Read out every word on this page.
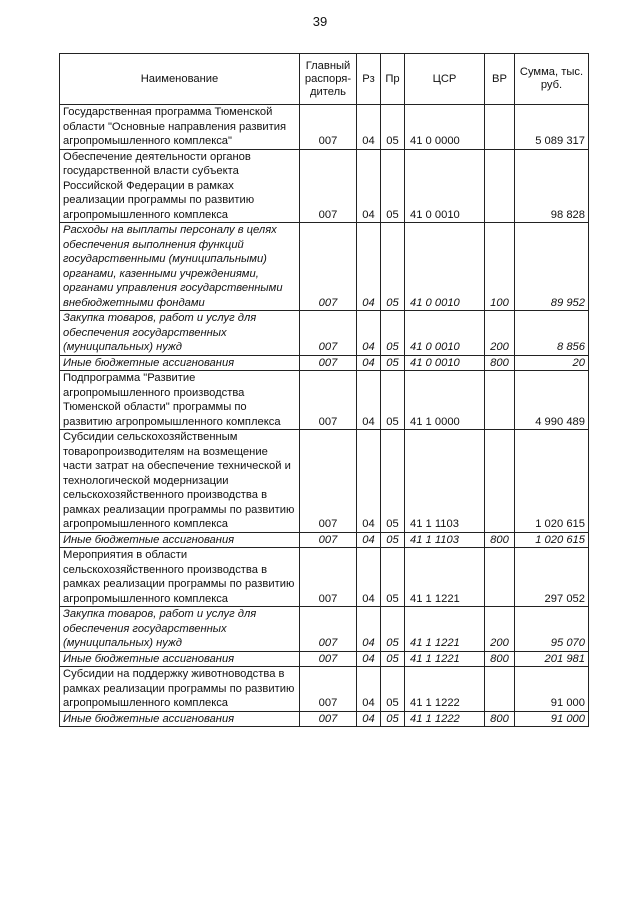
39
Наименование	Главный распоря-дитель	Рз	Пр	ЦСР	ВР	Сумма, тыс. руб.
Государственная программа Тюменской области "Основные направления развития агропромышленного комплекса"	007	04	05	41 0 0000		5 089 317
Обеспечение деятельности органов государственной власти субъекта Российской Федерации в рамках реализации программы по развитию агропромышленного комплекса	007	04	05	41 0 0010		98 828
Расходы на выплаты персоналу в целях обеспечения выполнения функций государственными (муниципальными) органами, казенными учреждениями, органами управления государственными внебюджетными фондами	007	04	05	41 0 0010	100	89 952
Закупка товаров, работ и услуг для обеспечения государственных (муниципальных) нужд	007	04	05	41 0 0010	200	8 856
Иные бюджетные ассигнования	007	04	05	41 0 0010	800	20
Подпрограмма "Развитие агропромышленного производства Тюменской области" программы по развитию агропромышленного комплекса	007	04	05	41 1 0000		4 990 489
Субсидии сельскохозяйственным товаропроизводителям на возмещение части затрат на обеспечение технической и технологической модернизации сельскохозяйственного производства в рамках реализации программы по развитию агропромышленного комплекса	007	04	05	41 1 1103		1 020 615
Иные бюджетные ассигнования	007	04	05	41 1 1103	800	1 020 615
Мероприятия в области сельскохозяйственного производства в рамках реализации программы по развитию агропромышленного комплекса	007	04	05	41 1 1221		297 052
Закупка товаров, работ и услуг для обеспечения государственных (муниципальных) нужд	007	04	05	41 1 1221	200	95 070
Иные бюджетные ассигнования	007	04	05	41 1 1221	800	201 981
Субсидии на поддержку животноводства в рамках реализации программы по развитию агропромышленного комплекса	007	04	05	41 1 1222		91 000
Иные бюджетные ассигнования	007	04	05	41 1 1222	800	91 000
